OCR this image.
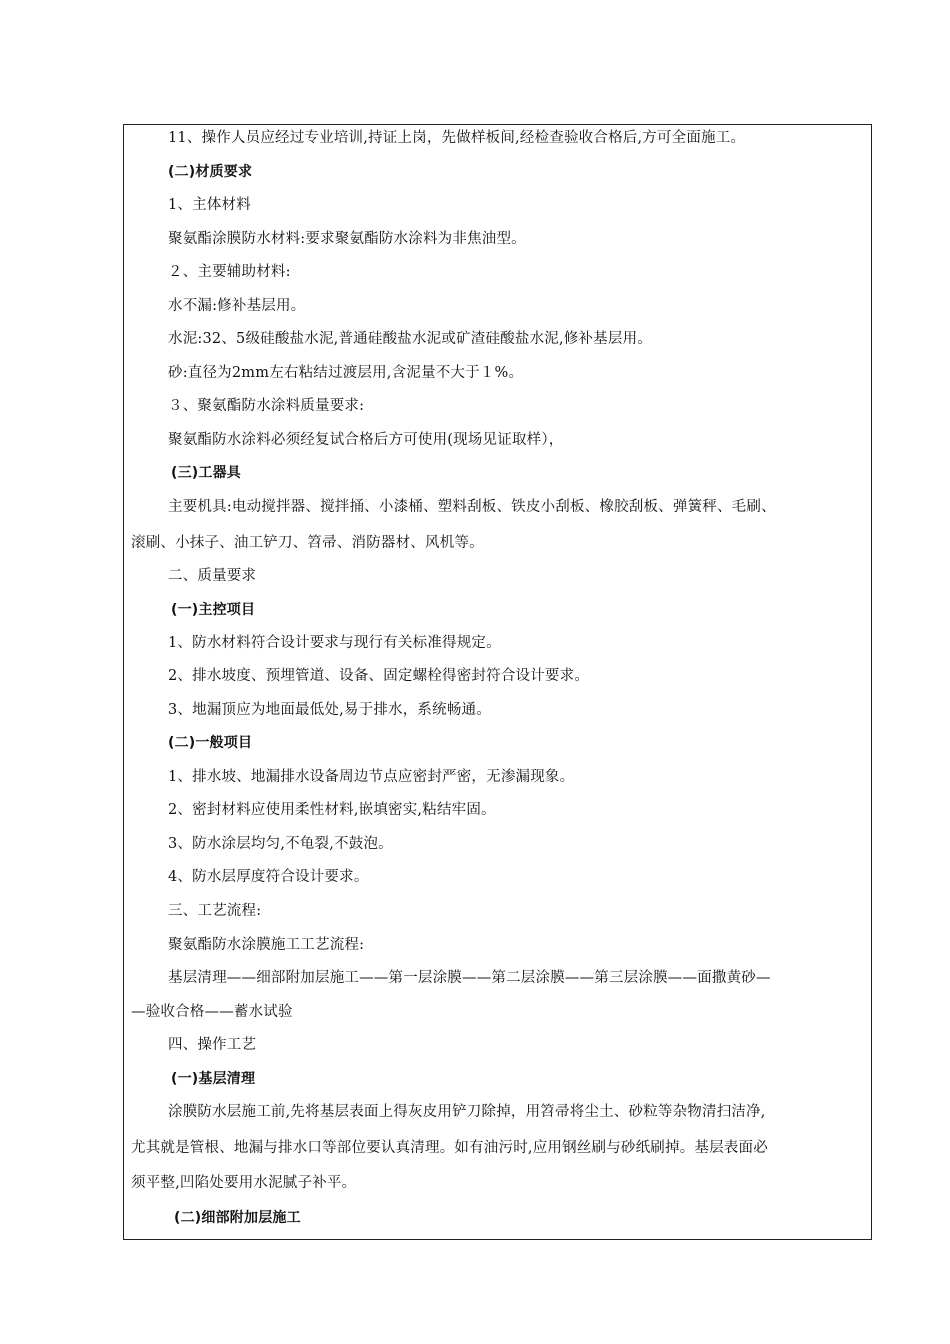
11、操作人员应经过专业培训,持证上岗，先做样板间,经检查验收合格后,方可全面施工。
(二)材质要求
1、主体材料
聚氨酯涂膜防水材料:要求聚氨酯防水涂料为非焦油型。
２、主要辅助材料:
水不漏:修补基层用。
水泥:32、5级硅酸盐水泥,普通硅酸盐水泥或矿渣硅酸盐水泥,修补基层用。
砂:直径为2mm左右粘结过渡层用,含泥量不大于１%。
３、聚氨酯防水涂料质量要求:
聚氨酯防水涂料必须经复试合格后方可使用(现场见证取样），
(三)工器具
主要机具:电动搅拌器、搅拌捅、小漆桶、塑料刮板、铁皮小刮板、橡胶刮板、弹簧秤、毛刷、
滚刷、小抹子、油工铲刀、笤帚、消防器材、风机等。
二、质量要求
(一)主控项目
1、防水材料符合设计要求与现行有关标准得规定。
2、排水坡度、预埋管道、设备、固定螺栓得密封符合设计要求。
3、地漏顶应为地面最低处,易于排水，系统畅通。
(二)一般项目
1、排水坡、地漏排水设备周边节点应密封严密，无渗漏现象。
2、密封材料应使用柔性材料,嵌填密实,粘结牢固。
3、防水涂层均匀,不龟裂,不鼓泡。
4、防水层厚度符合设计要求。
三、工艺流程:
聚氨酯防水涂膜施工工艺流程:
基层清理——细部附加层施工——第一层涂膜——第二层涂膜——第三层涂膜——面撒黄砂—
—验收合格——蓄水试验
四、操作工艺
(一)基层清理
涂膜防水层施工前,先将基层表面上得灰皮用铲刀除掉，用笤帚将尘土、砂粒等杂物清扫洁净,
尤其就是管根、地漏与排水口等部位要认真清理。如有油污时,应用钢丝刷与砂纸刷掉。基层表面必
须平整,凹陷处要用水泥腻子补平。
(二)细部附加层施工
